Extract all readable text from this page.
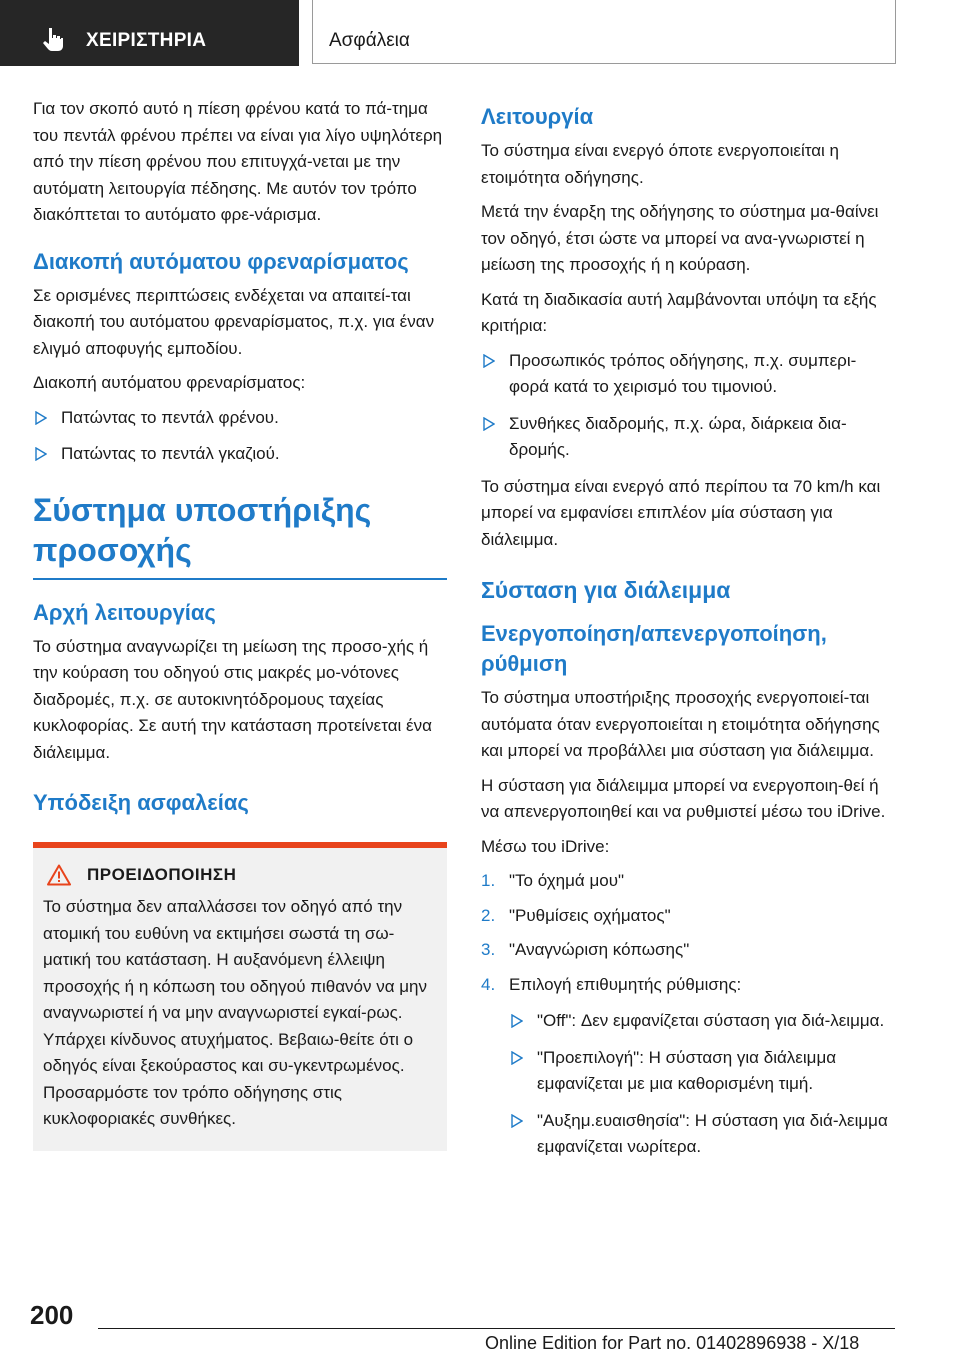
ΧΕΙΡΙΣΤΗΡΙΑ	Ασφάλεια

Για τον σκοπό αυτό η πίεση φρένου κατά το πά-τημα του πεντάλ φρένου πρέπει να είναι για λίγο υψηλότερη από την πίεση φρένου που επιτυγχά-νεται με την αυτόματη λειτουργία πέδησης. Με αυτόν τον τρόπο διακόπτεται το αυτόματο φρε-νάρισμα.

Διακοπή αυτόματου φρεναρίσματος

Σε ορισμένες περιπτώσεις ενδέχεται να απαιτεί-ται διακοπή του αυτόματου φρεναρίσματος, π.χ. για έναν ελιγμό αποφυγής εμποδίου.

Διακοπή αυτόματου φρεναρίσματος:

Πατώντας το πεντάλ φρένου.
Πατώντας το πεντάλ γκαζιού.
Σύστημα υποστήριξης προσοχής
Αρχή λειτουργίας

Το σύστημα αναγνωρίζει τη μείωση της προσο-χής ή την κούραση του οδηγού στις μακρές μο-νότονες διαδρομές, π.χ. σε αυτοκινητόδρομους ταχείας κυκλοφορίας. Σε αυτή την κατάσταση προτείνεται ένα διάλειμμα.

Υπόδειξη ασφαλείας
ΠΡΟΕΙΔΟΠΟΙΗΣΗ

Το σύστημα δεν απαλλάσσει τον οδηγό από την ατομική του ευθύνη να εκτιμήσει σωστά τη σω-ματική του κατάσταση. Η αυξανόμενη έλλειψη προσοχής ή η κόπωση του οδηγού πιθανόν να μην αναγνωριστεί ή να μην αναγνωριστεί εγκαί-ρως. Υπάρχει κίνδυνος ατυχήματος. Βεβαιω-θείτε ότι ο οδηγός είναι ξεκούραστος και συ-γκεντρωμένος. Προσαρμόστε τον τρόπο οδήγησης στις κυκλοφοριακές συνθήκες.

Λειτουργία

Το σύστημα είναι ενεργό όποτε ενεργοποιείται η ετοιμότητα οδήγησης.

Μετά την έναρξη της οδήγησης το σύστημα μα-θαίνει τον οδηγό, έτσι ώστε να μπορεί να ανα-γνωριστεί η μείωση της προσοχής ή η κούραση.

Κατά τη διαδικασία αυτή λαμβάνονται υπόψη τα εξής κριτήρια:

Προσωπικός τρόπος οδήγησης, π.χ. συμπερι-φορά κατά το χειρισμό του τιμονιού.
Συνθήκες διαδρομής, π.χ. ώρα, διάρκεια δια-δρομής.

Το σύστημα είναι ενεργό από περίπου τα 70 km/h και μπορεί να εμφανίσει επιπλέον μία σύσταση για διάλειμμα.

Σύσταση για διάλειμμα
Ενεργοποίηση/απενεργοποίηση, ρύθμιση

Το σύστημα υποστήριξης προσοχής ενεργοποιεί-ται αυτόματα όταν ενεργοποιείται η ετοιμότητα οδήγησης και μπορεί να προβάλλει μια σύσταση για διάλειμμα.

Η σύσταση για διάλειμμα μπορεί να ενεργοποιη-θεί ή να απενεργοποιηθεί και να ρυθμιστεί μέσω του iDrive.

Μέσω του iDrive:

1. "Το όχημά μου"
2. "Ρυθμίσεις οχήματος"
3. "Αναγνώριση κόπωσης"
4. Επιλογή επιθυμητής ρύθμισης:
"Off": Δεν εμφανίζεται σύσταση για διά-λειμμα.
"Προεπιλογή": Η σύσταση για διάλειμμα εμφανίζεται με μια καθορισμένη τιμή.
"Αυξημ.ευαισθησία": Η σύσταση για διά-λειμμα εμφανίζεται νωρίτερα.
200
Online Edition for Part no. 01402896938 - X/18
